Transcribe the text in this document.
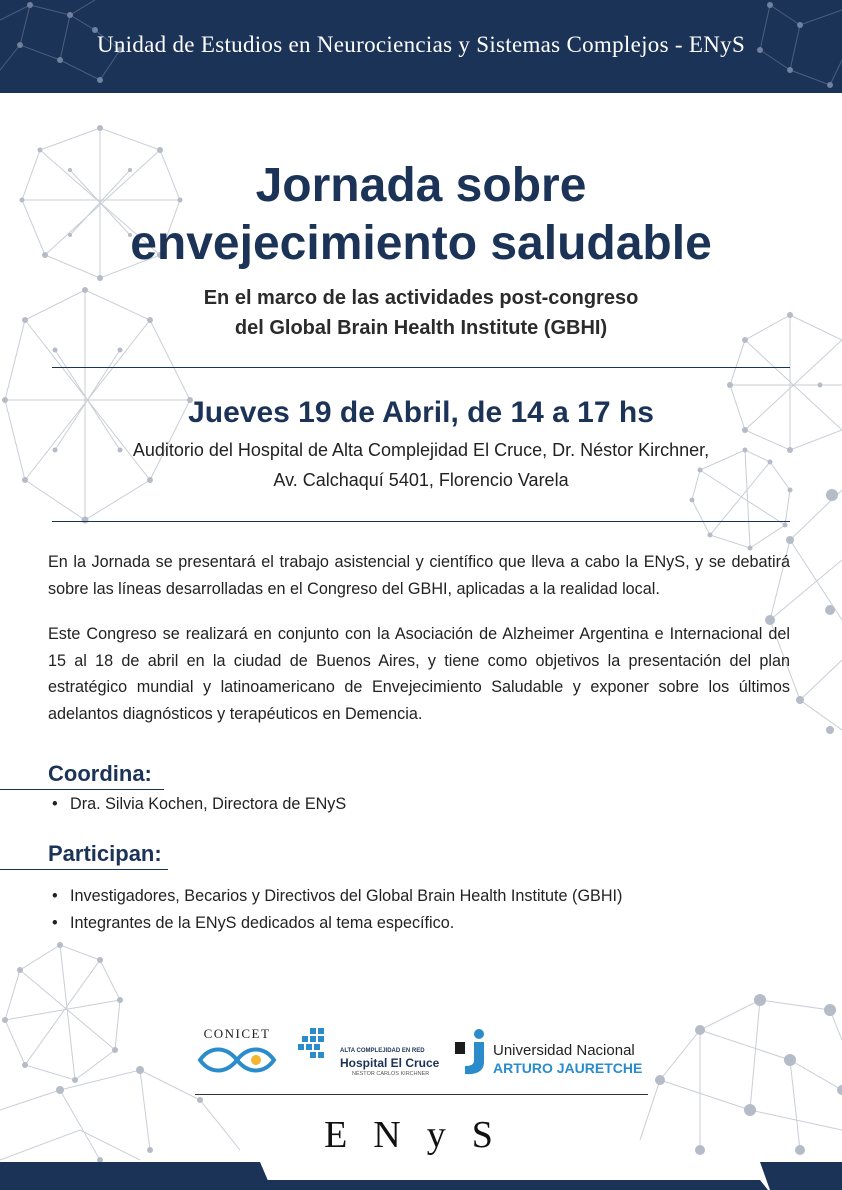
Unidad de Estudios en Neurociencias y Sistemas Complejos - ENyS
Jornada sobre
envejecimiento saludable
En el marco de las actividades post-congreso
del Global Brain Health Institute (GBHI)
Jueves 19 de Abril, de 14 a 17 hs
Auditorio del Hospital de Alta Complejidad El Cruce, Dr. Néstor Kirchner,
Av. Calchaquí 5401, Florencio Varela

En la Jornada se presentará el trabajo asistencial y científico que lleva a cabo la ENyS, y se debatirá sobre las líneas desarrolladas en el Congreso del GBHI, aplicadas a la realidad local.

Este Congreso se realizará en conjunto con la Asociación de Alzheimer Argentina e Internacional del 15 al 18 de abril en la ciudad de Buenos Aires, y tiene como objetivos la presentación del plan estratégico mundial y latinoamericano de Envejecimiento Saludable y exponer sobre los últimos adelantos diagnósticos y terapéuticos en Demencia.

Coordina:
• Dra. Silvia Kochen, Directora de ENyS
Participan:
• Investigadores, Becarios y Directivos del Global Brain Health Institute (GBHI)
• Integrantes de la ENyS dedicados al tema específico.
CONICET
ALTA COMPLEJIDAD EN RED
Hospital El Cruce
NÉSTOR CARLOS KIRCHNER
Universidad Nacional
ARTURO JAURETCHE
ENyS
